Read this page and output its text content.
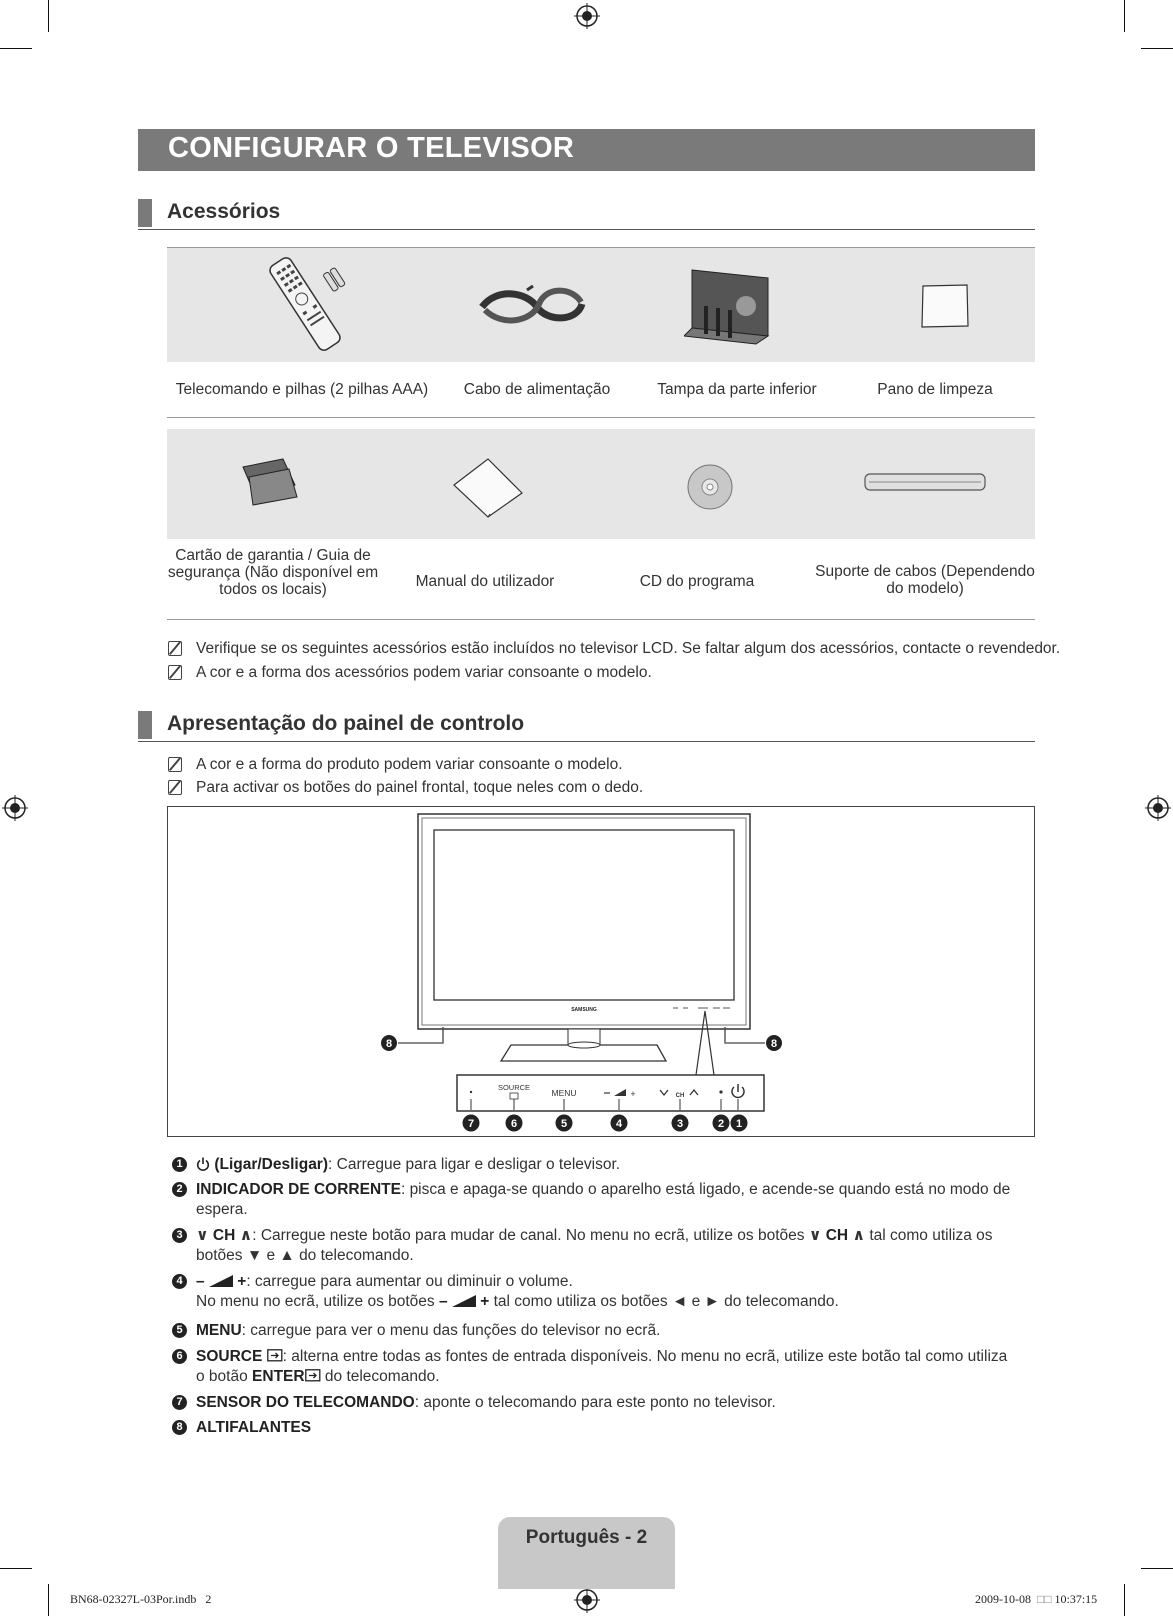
CONFIGURAR O TELEVISOR
Acessórios
Telecomando e pilhas (2 pilhas AAA)	Cabo de alimentação	Tampa da parte inferior	Pano de limpeza
Cartão de garantia / Guia de segurança (Não disponível em todos os locais)	Manual do utilizador	CD do programa
Suporte de cabos (Dependendo do modelo)
Verifique se os seguintes acessórios estão incluídos no televisor LCD. Se faltar algum dos acessórios, contacte o revendedor.
A cor e a forma dos acessórios podem variar consoante o modelo.
Apresentação do painel de controlo
A cor e a forma do produto podem variar consoante o modelo.
Para activar os botões do painel frontal, toque neles com o dedo.
SAMSUNG
8	8
SOURCE
MENU	+	CH
7	6	5	4	3	2 1
1	(Ligar/Desligar): Carregue para ligar e desligar o televisor.
2 INDICADOR DE CORRENTE: pisca e apaga-se quando o aparelho está ligado, e acende-se quando está no modo de espera.
3 ∨ CH ∧: Carregue neste botão para mudar de canal. No menu no ecrã, utilize os botões ∨ CH ∧ tal como utiliza os botões ▼ e ▲ do telecomando.
4 – +: carregue para aumentar ou diminuir o volume.
No menu no ecrã, utilize os botões – + tal como utiliza os botões ◄ e ► do telecomando.
5 MENU: carregue para ver o menu das funções do televisor no ecrã.
6 SOURCE : alterna entre todas as fontes de entrada disponíveis. No menu no ecrã, utilize este botão tal como utiliza o botão ENTER do telecomando.
7 SENSOR DO TELECOMANDO: aponte o telecomando para este ponto no televisor.
8 ALTIFALANTES
Português - 2
BN68-02327L-03Por.indb   2	2009-10-08 □□ 10:37:15
